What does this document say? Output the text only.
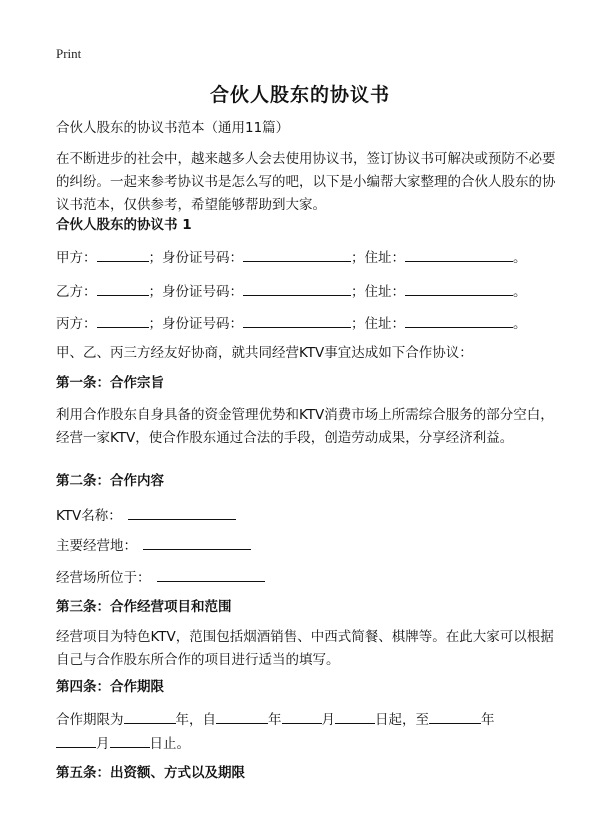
Print
合伙人股东的协议书
合伙人股东的协议书范本（通用11篇）
在不断进步的社会中，越来越多人会去使用协议书，签订协议书可解决或预防不必要的纠纷。一起来参考协议书是怎么写的吧，以下是小编帮大家整理的合伙人股东的协议书范本，仅供参考，希望能够帮助到大家。
合伙人股东的协议书 1
甲方：	；身份证号码：	；住址：	。
乙方：	；身份证号码：	；住址：	。
丙方：	；身份证号码：	；住址：	。
甲、乙、丙三方经友好协商，就共同经营KTV事宜达成如下合作协议：
第一条：合作宗旨
利用合作股东自身具备的资金管理优势和KTV消费市场上所需综合服务的部分空白，经营一家KTV，使合作股东通过合法的手段，创造劳动成果，分享经济利益。
第二条：合作内容
KTV名称：
主要经营地：
经营场所位于：
第三条：合作经营项目和范围
经营项目为特色KTV，范围包括烟酒销售、中西式简餐、棋牌等。在此大家可以根据自己与合作股东所合作的项目进行适当的填写。
第四条：合作期限
合作期限为	年，自	年	月	日起，至	年
月	日止。
第五条：出资额、方式以及期限
